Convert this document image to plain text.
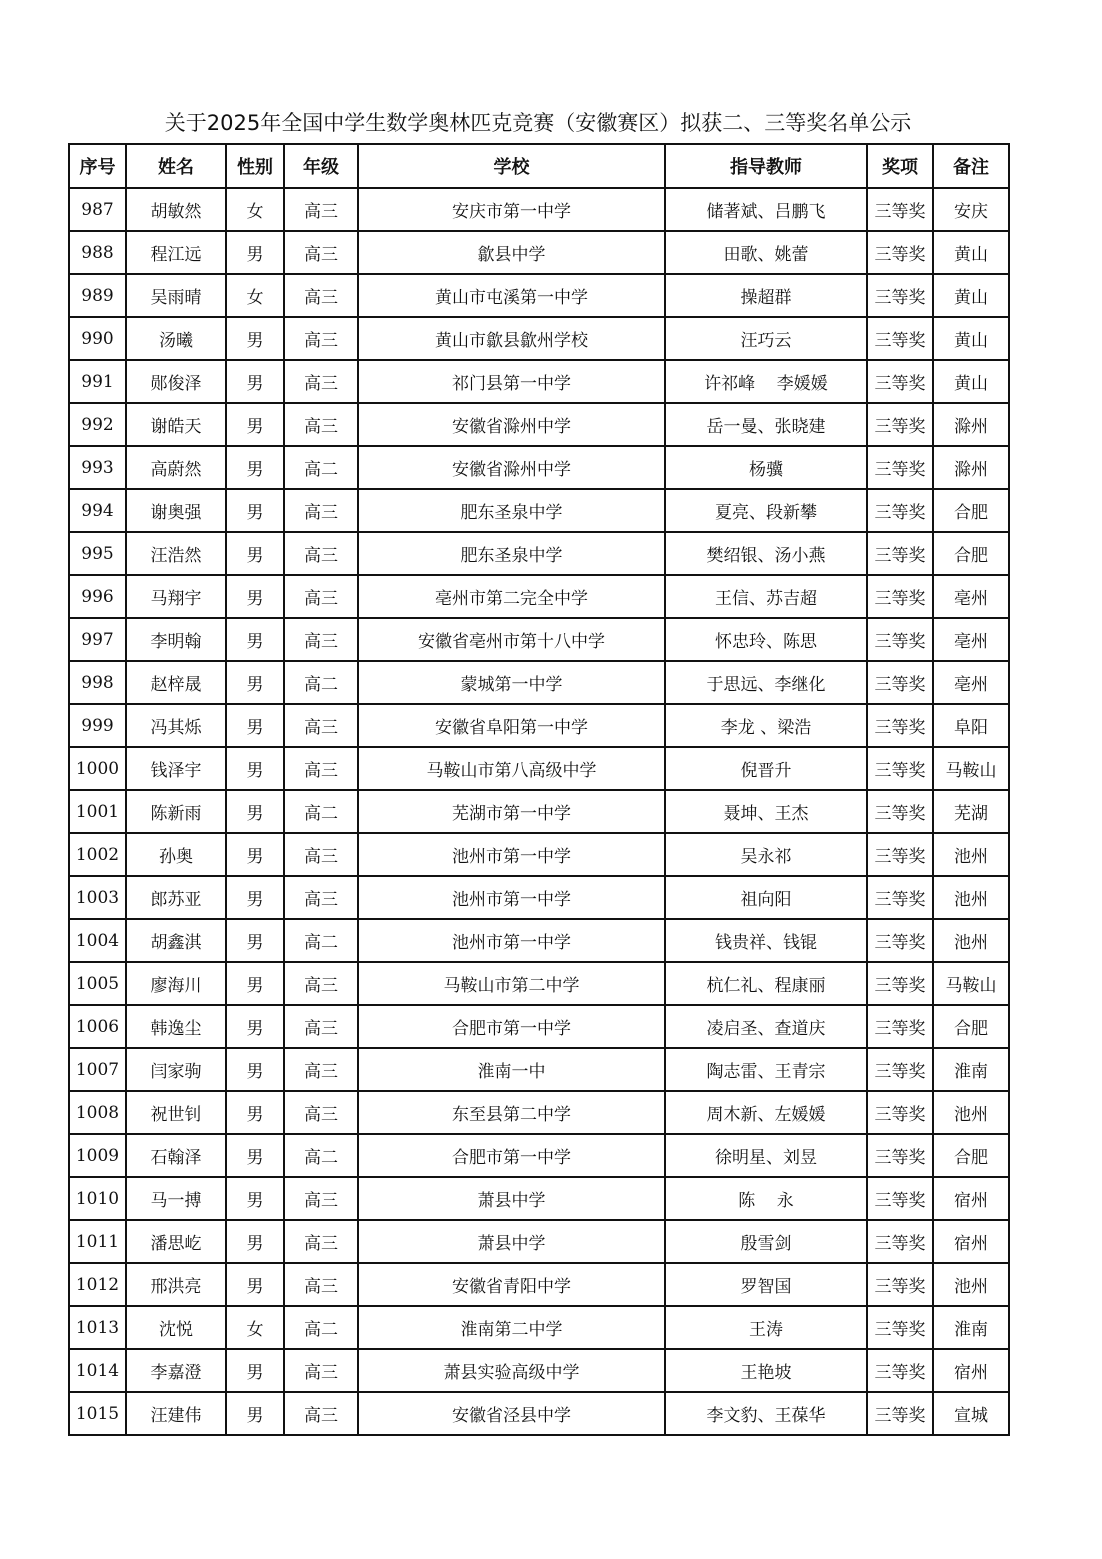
关于2025年全国中学生数学奥林匹克竞赛（安徽赛区）拟获二、三等奖名单公示
序号	姓名	性别	年级	学校	指导教师	奖项	备注
987	胡敏然	女	高三	安庆市第一中学	储著斌、吕鹏飞	三等奖	安庆
988	程江远	男	高三	歙县中学	田歌、姚蕾	三等奖	黄山
989	吴雨晴	女	高三	黄山市屯溪第一中学	操超群	三等奖	黄山
990	汤曦	男	高三	黄山市歙县歙州学校	汪巧云	三等奖	黄山
991	郧俊泽	男	高三	祁门县第一中学	许祁峰    李媛媛	三等奖	黄山
992	谢皓天	男	高三	安徽省滁州中学	岳一曼、张晓建	三等奖	滁州
993	高蔚然	男	高二	安徽省滁州中学	杨骥	三等奖	滁州
994	谢奥强	男	高三	肥东圣泉中学	夏亮、段新攀	三等奖	合肥
995	汪浩然	男	高三	肥东圣泉中学	樊绍银、汤小燕	三等奖	合肥
996	马翔宇	男	高三	亳州市第二完全中学	王信、苏吉超	三等奖	亳州
997	李明翰	男	高三	安徽省亳州市第十八中学	怀忠玲、陈思	三等奖	亳州
998	赵梓晟	男	高二	蒙城第一中学	于思远、李继化	三等奖	亳州
999	冯其烁	男	高三	安徽省阜阳第一中学	李龙 、梁浩	三等奖	阜阳
1000	钱泽宇	男	高三	马鞍山市第八高级中学	倪晋升	三等奖	马鞍山
1001	陈新雨	男	高二	芜湖市第一中学	聂坤、王杰	三等奖	芜湖
1002	孙奥	男	高三	池州市第一中学	吴永祁	三等奖	池州
1003	郎苏亚	男	高三	池州市第一中学	祖向阳	三等奖	池州
1004	胡鑫淇	男	高二	池州市第一中学	钱贵祥、钱锟	三等奖	池州
1005	廖海川	男	高三	马鞍山市第二中学	杭仁礼、程康丽	三等奖	马鞍山
1006	韩逸尘	男	高三	合肥市第一中学	凌启圣、查道庆	三等奖	合肥
1007	闫家驹	男	高三	淮南一中	陶志雷、王青宗	三等奖	淮南
1008	祝世钊	男	高三	东至县第二中学	周木新、左媛媛	三等奖	池州
1009	石翰泽	男	高二	合肥市第一中学	徐明星、刘昱	三等奖	合肥
1010	马一搏	男	高三	萧县中学	陈    永	三等奖	宿州
1011	潘思屹	男	高三	萧县中学	殷雪剑	三等奖	宿州
1012	邢洪亮	男	高三	安徽省青阳中学	罗智国	三等奖	池州
1013	沈悦	女	高二	淮南第二中学	王涛	三等奖	淮南
1014	李嘉澄	男	高三	萧县实验高级中学	王艳坡	三等奖	宿州
1015	汪建伟	男	高三	安徽省泾县中学	李文豹、王葆华	三等奖	宣城
